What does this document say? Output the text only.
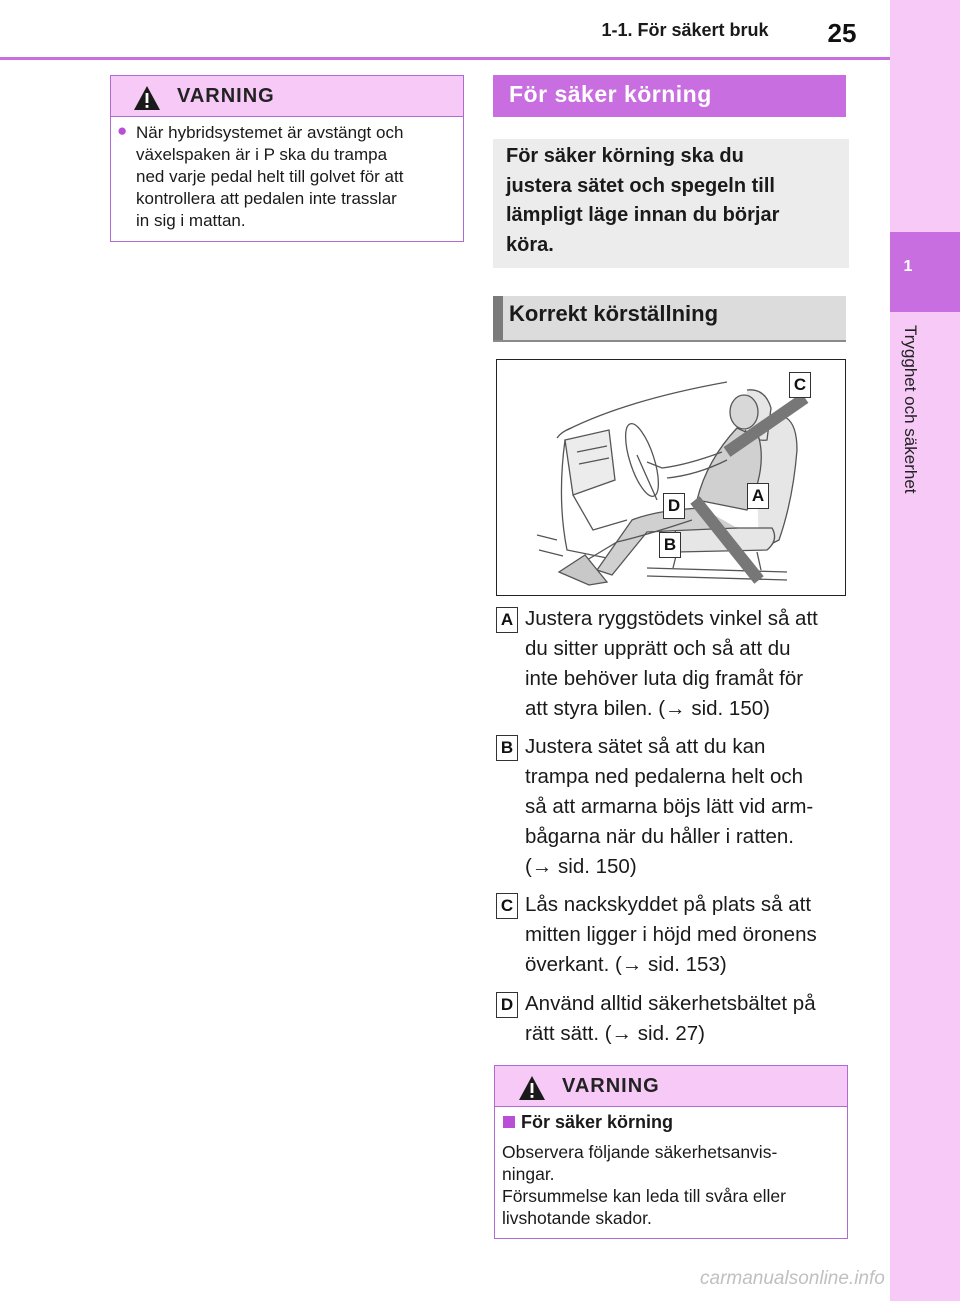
1-1. För säkert bruk	25
1
Trygghet och säkerhet
VARNING
● När hybridsystemet är avstängt och
växelspaken är i P ska du trampa
ned varje pedal helt till golvet för att
kontrollera att pedalen inte trasslar
in sig i mattan.
För säker körning
För säker körning ska du
justera sätet och spegeln till
lämpligt läge innan du börjar
köra.
Korrekt körställning
C
A
D
B
A Justera ryggstödets vinkel så att
du sitter upprätt och så att du
inte behöver luta dig framåt för
att styra bilen. (→ sid. 150)
B Justera sätet så att du kan
trampa ned pedalerna helt och
så att armarna böjs lätt vid arm-
bågarna när du håller i ratten.
(→ sid. 150)
C Lås nackskyddet på plats så att
mitten ligger i höjd med öronens
överkant. (→ sid. 153)
D Använd alltid säkerhetsbältet på
rätt sätt. (→ sid. 27)
VARNING
För säker körning
Observera följande säkerhetsanvis-
ningar.
Försummelse kan leda till svåra eller
livshotande skador.
carmanualsonline.info
